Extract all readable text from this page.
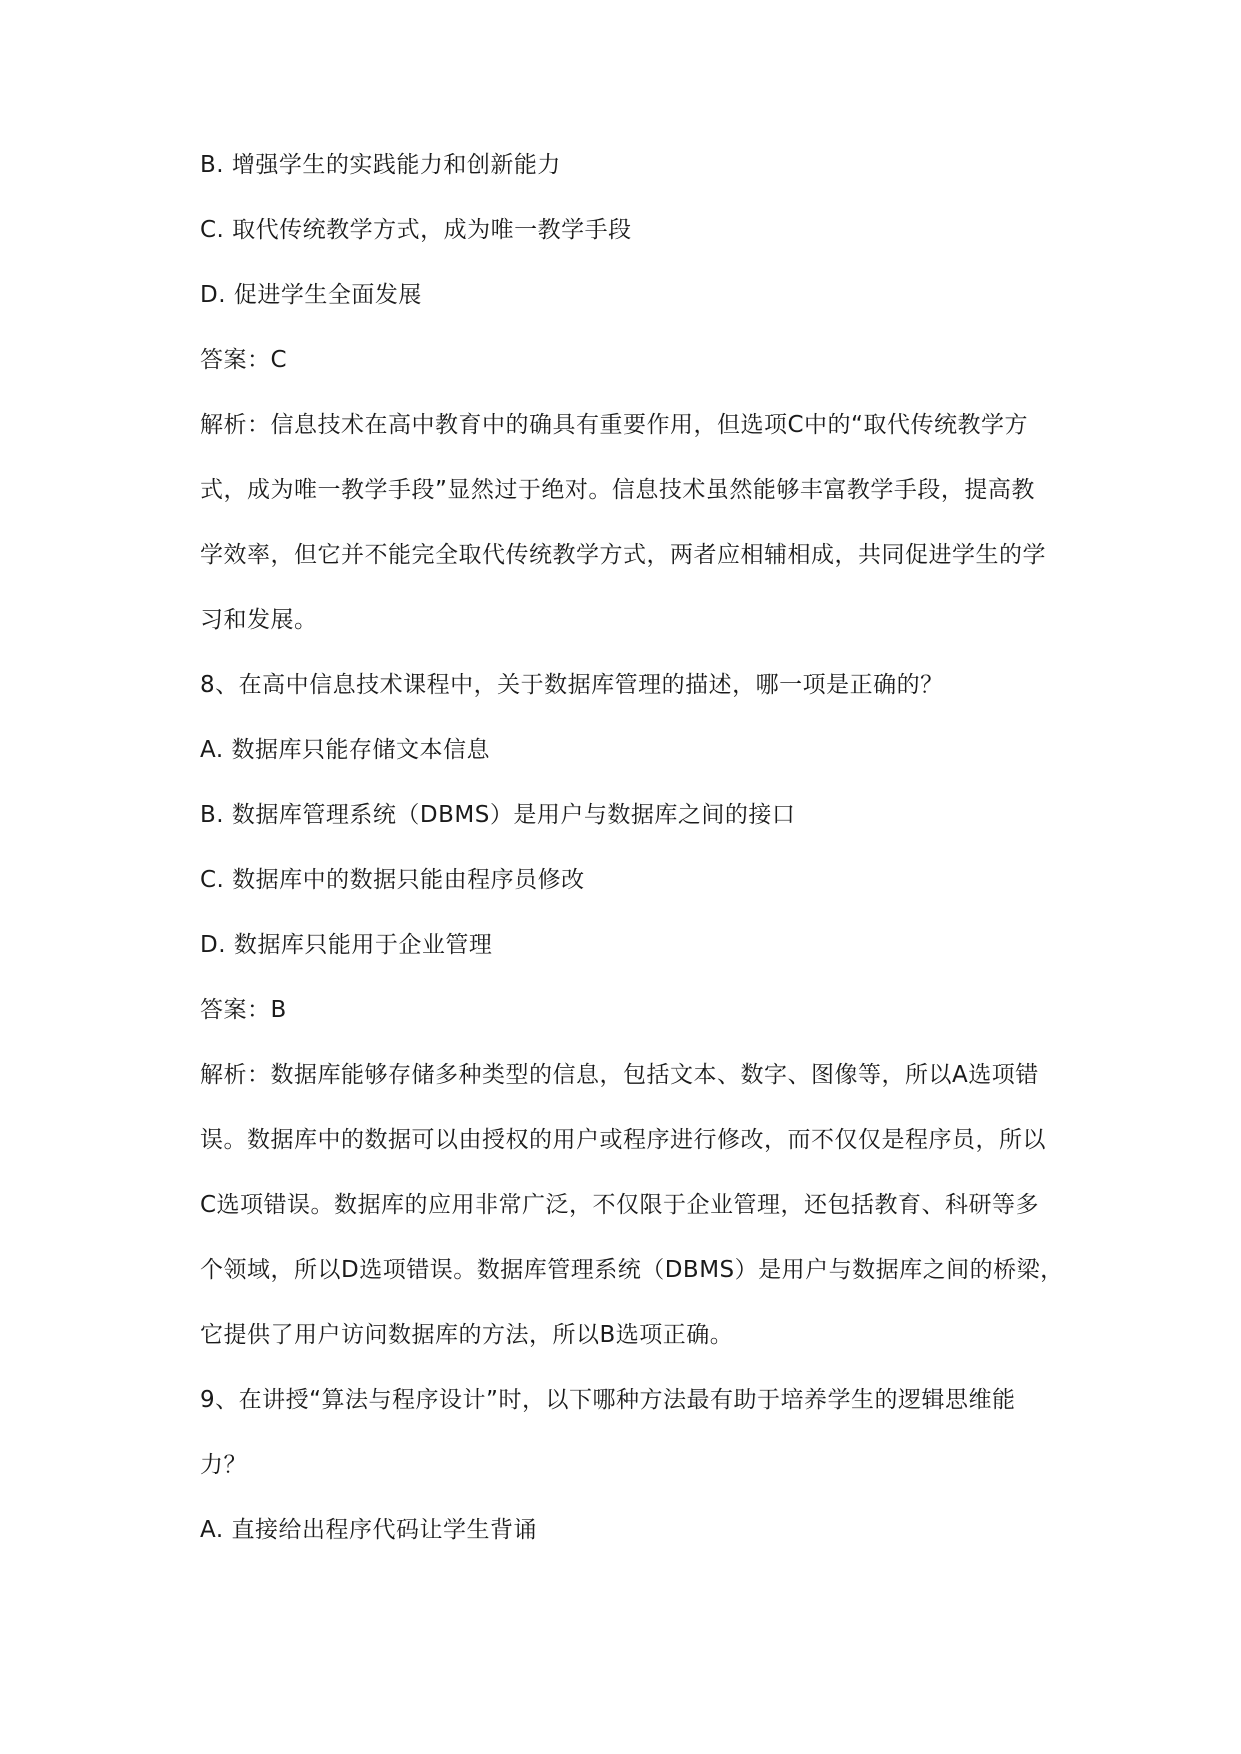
B. 增强学生的实践能力和创新能力
C. 取代传统教学方式，成为唯一教学手段
D. 促进学生全面发展
答案：C
解析：信息技术在高中教育中的确具有重要作用，但选项C中的“取代传统教学方
式，成为唯一教学手段”显然过于绝对。信息技术虽然能够丰富教学手段，提高教
学效率，但它并不能完全取代传统教学方式，两者应相辅相成，共同促进学生的学
习和发展。
8、在高中信息技术课程中，关于数据库管理的描述，哪一项是正确的？
A. 数据库只能存储文本信息
B. 数据库管理系统（DBMS）是用户与数据库之间的接口
C. 数据库中的数据只能由程序员修改
D. 数据库只能用于企业管理
答案：B
解析：数据库能够存储多种类型的信息，包括文本、数字、图像等，所以A选项错
误。数据库中的数据可以由授权的用户或程序进行修改，而不仅仅是程序员，所以
C选项错误。数据库的应用非常广泛，不仅限于企业管理，还包括教育、科研等多
个领域，所以D选项错误。数据库管理系统（DBMS）是用户与数据库之间的桥梁，
它提供了用户访问数据库的方法，所以B选项正确。
9、在讲授“算法与程序设计”时，以下哪种方法最有助于培养学生的逻辑思维能
力？
A. 直接给出程序代码让学生背诵
